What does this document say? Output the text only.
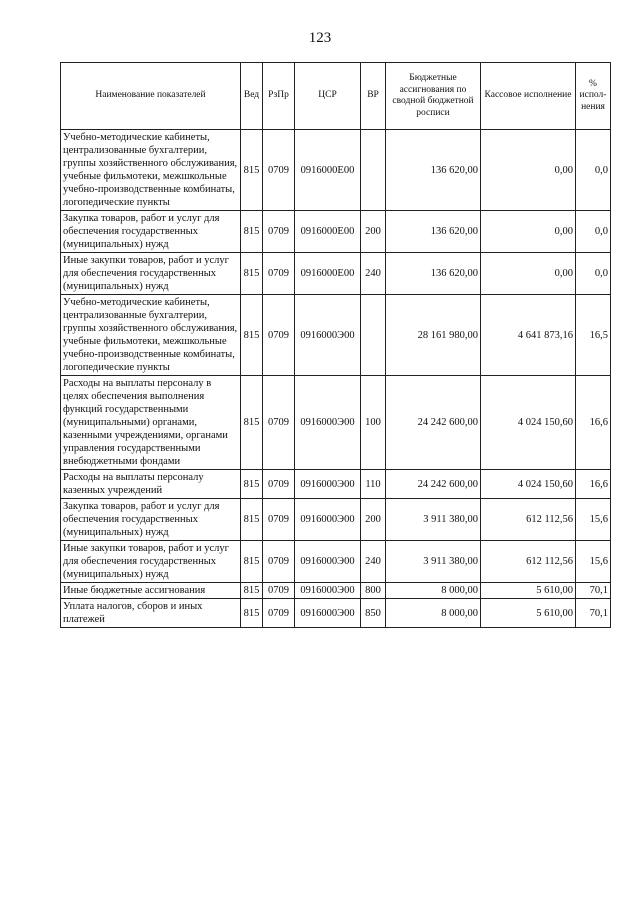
123
Наименование показателей	Вед	РзПр	ЦСР	ВР	Бюджетные ассигнования по сводной бюджетной росписи	Кассовое исполнение	% испол-нения
Учебно-методические кабинеты, централизованные бухгалтерии, группы хозяйственного обслуживания, учебные фильмотеки, межшкольные учебно-производственные комбинаты, логопедические пункты	815	0709	0916000Е00		136 620,00	0,00	0,0
Закупка товаров, работ и услуг для обеспечения государственных (муниципальных) нужд	815	0709	0916000Е00	200	136 620,00	0,00	0,0
Иные закупки товаров, работ и услуг для обеспечения государственных (муниципальных) нужд	815	0709	0916000Е00	240	136 620,00	0,00	0,0
Учебно-методические кабинеты, централизованные бухгалтерии, группы хозяйственного обслуживания, учебные фильмотеки, межшкольные учебно-производственные комбинаты, логопедические пункты	815	0709	0916000Э00		28 161 980,00	4 641 873,16	16,5
Расходы на выплаты персоналу в целях обеспечения выполнения функций государственными (муниципальными) органами, казенными учреждениями, органами управления государственными внебюджетными фондами	815	0709	0916000Э00	100	24 242 600,00	4 024 150,60	16,6
Расходы на выплаты персоналу казенных учреждений	815	0709	0916000Э00	110	24 242 600,00	4 024 150,60	16,6
Закупка товаров, работ и услуг для обеспечения государственных (муниципальных) нужд	815	0709	0916000Э00	200	3 911 380,00	612 112,56	15,6
Иные закупки товаров, работ и услуг для обеспечения государственных (муниципальных) нужд	815	0709	0916000Э00	240	3 911 380,00	612 112,56	15,6
Иные бюджетные ассигнования	815	0709	0916000Э00	800	8 000,00	5 610,00	70,1
Уплата налогов, сборов и иных платежей	815	0709	0916000Э00	850	8 000,00	5 610,00	70,1
